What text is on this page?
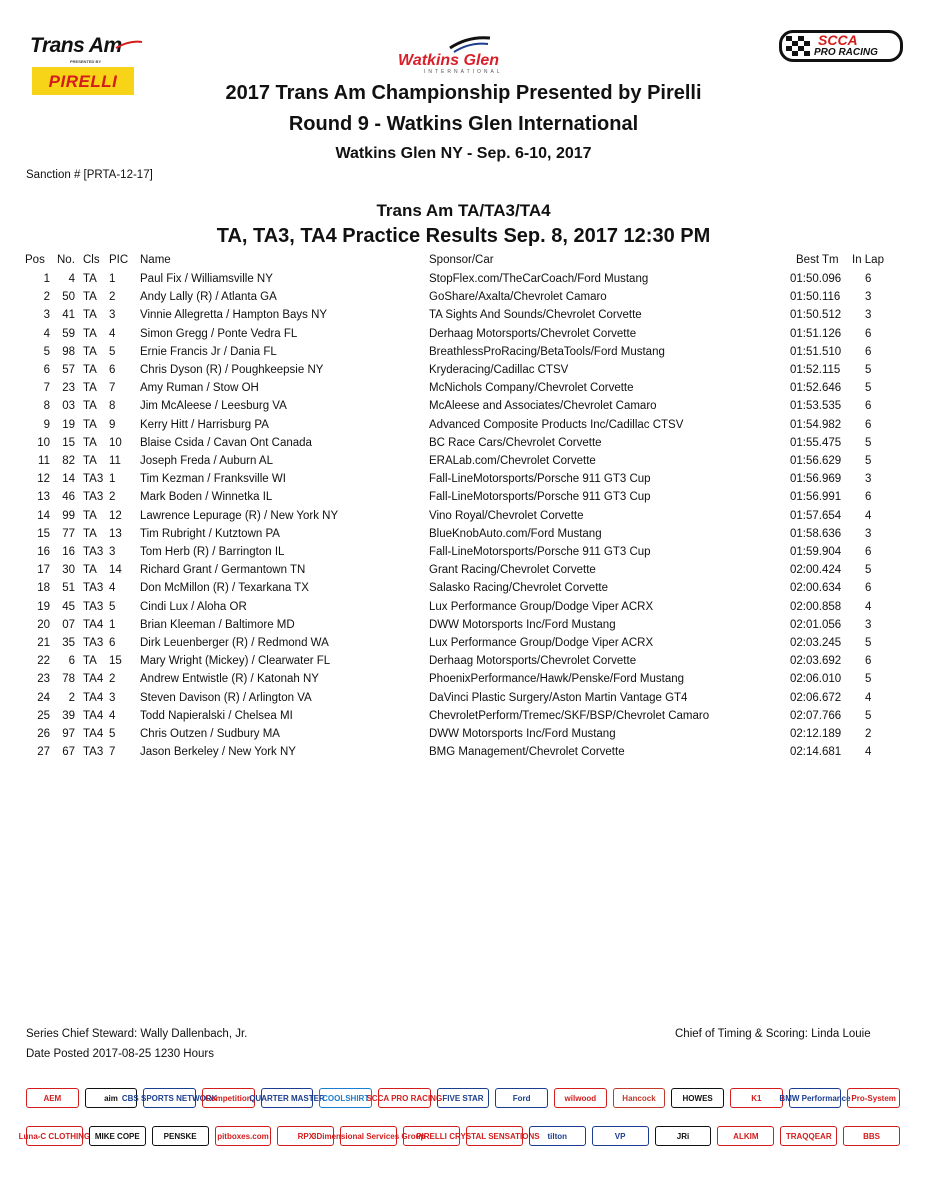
Trans Am
PRESENTED BY
PIRELLI
Watkins Glen
INTERNATIONAL
SCCA
PRO RACING
2017 Trans Am Championship Presented by Pirelli
Round 9 - Watkins Glen International
Watkins Glen NY - Sep. 6-10, 2017
Sanction # [PRTA-12-17]
Trans Am TA/TA3/TA4
TA, TA3, TA4 Practice Results Sep. 8, 2017 12:30 PM
Pos No. Cls PIC Name	Sponsor/Car	Best Tm In Lap
1	4 TA 1 Paul Fix / Williamsville NY	StopFlex.com/TheCarCoach/Ford Mustang	01:50.096 6
2	50 TA 2 Andy Lally (R) / Atlanta GA	GoShare/Axalta/Chevrolet Camaro	01:50.116 3
3	41 TA 3 Vinnie Allegretta / Hampton Bays NY	TA Sights And Sounds/Chevrolet Corvette	01:50.512 3
4	59 TA 4 Simon Gregg / Ponte Vedra FL	Derhaag Motorsports/Chevrolet Corvette	01:51.126 6
5	98 TA 5 Ernie Francis Jr / Dania FL	BreathlessProRacing/BetaTools/Ford Mustang	01:51.510 6
6	57 TA 6 Chris Dyson (R) / Poughkeepsie NY	Kryderacing/Cadillac CTSV	01:52.115 5
7	23 TA 7 Amy Ruman / Stow OH	McNichols Company/Chevrolet Corvette	01:52.646 5
8	03 TA 8 Jim McAleese / Leesburg VA	McAleese and Associates/Chevrolet Camaro	01:53.535 6
9	19 TA 9 Kerry Hitt / Harrisburg PA	Advanced Composite Products Inc/Cadillac CTSV	01:54.982 6
10	15 TA 10 Blaise Csida / Cavan Ont Canada	BC Race Cars/Chevrolet Corvette	01:55.475 5
11	82 TA 11 Joseph Freda / Auburn AL	ERALab.com/Chevrolet Corvette	01:56.629 5
12	14 TA3 1 Tim Kezman / Franksville WI	Fall-LineMotorsports/Porsche 911 GT3 Cup	01:56.969 3
13	46 TA3 2 Mark Boden / Winnetka IL	Fall-LineMotorsports/Porsche 911 GT3 Cup	01:56.991 6
14	99 TA 12 Lawrence Lepurage (R) / New York NY	Vino Royal/Chevrolet Corvette	01:57.654 4
15	77 TA 13 Tim Rubright / Kutztown PA	BlueKnobAuto.com/Ford Mustang	01:58.636 3
16	16 TA3 3 Tom Herb (R) / Barrington IL	Fall-LineMotorsports/Porsche 911 GT3 Cup	01:59.904 6
17	30 TA 14 Richard Grant / Germantown TN	Grant Racing/Chevrolet Corvette	02:00.424 5
18	51 TA3 4 Don McMillon (R) / Texarkana TX	Salasko Racing/Chevrolet Corvette	02:00.634 6
19	45 TA3 5 Cindi Lux / Aloha OR	Lux Performance Group/Dodge Viper ACRX	02:00.858 4
20	07 TA4 1 Brian Kleeman / Baltimore MD	DWW Motorsports Inc/Ford Mustang	02:01.056 3
21	35 TA3 6 Dirk Leuenberger (R) / Redmond WA	Lux Performance Group/Dodge Viper ACRX	02:03.245 5
22	6 TA 15 Mary Wright (Mickey) / Clearwater FL	Derhaag Motorsports/Chevrolet Corvette	02:03.692 6
23	78 TA4 2 Andrew Entwistle (R) / Katonah NY	PhoenixPerformance/Hawk/Penske/Ford Mustang	02:06.010 5
24	2 TA4 3 Steven Davison (R) / Arlington VA	DaVinci Plastic Surgery/Aston Martin Vantage GT4	02:06.672 4
25	39 TA4 4 Todd Napieralski / Chelsea MI	ChevroletPerform/Tremec/SKF/BSP/Chevrolet Camaro	02:07.766 5
26	97 TA4 5 Chris Outzen / Sudbury MA	DWW Motorsports Inc/Ford Mustang	02:12.189 2
27	67 TA3 7 Jason Berkeley / New York NY	BMG Management/Chevrolet Corvette	02:14.681 4
Series Chief Steward: Wally Dallenbach, Jr.
Date Posted 2017-08-25 1230 Hours
Chief of Timing & Scoring: Linda Louie
AEM	aim CBS SPORTS NETWORK
Competition
QUARTER MASTER
COOLSHIRT
SCCA PRO RACING FIVE STAR	Ford	wilwood	Hancock	HOWES	K1	BMW Performance Pro-System
Luna-C CLOTHING MIKE COPE	PENSKE	pitboxes.com	RPX
3Dimensional Services Group
PIRELLI CRYSTAL SENSATIONS tilton	VP	JRi	ALKIM	TRAQQEAR	BBS
